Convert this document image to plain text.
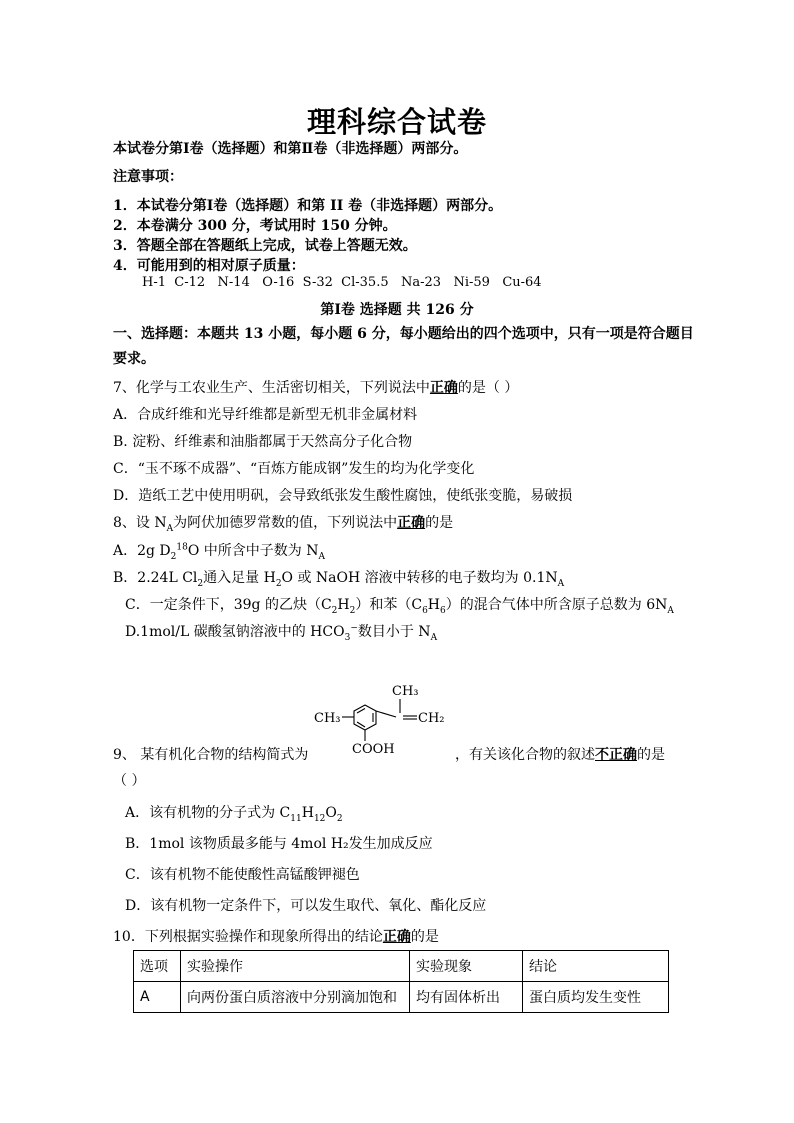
理科综合试卷
本试卷分第Ⅰ卷（选择题）和第Ⅱ卷（非选择题）两部分。
注意事项：
1．本试卷分第Ⅰ卷（选择题）和第 II 卷（非选择题）两部分。
2．本卷满分 300 分，考试用时 150 分钟。
3．答题全部在答题纸上完成，试卷上答题无效。
4．可能用到的相对原子质量：
H-1  C-12   N-14   O-16  S-32  Cl-35.5   Na-23   Ni-59   Cu-64
第Ⅰ卷 选择题 共 126 分
一、选择题：本题共 13 小题，每小题 6 分，每小题给出的四个选项中，只有一项是符合题目
要求。
7、化学与工农业生产、生活密切相关，下列说法中正确的是（ ）
A．合成纤维和光导纤维都是新型无机非金属材料
B. 淀粉、纤维素和油脂都属于天然高分子化合物
C．“玉不琢不成器”、“百炼方能成钢”发生的均为化学变化
D．造纸工艺中使用明矾，会导致纸张发生酸性腐蚀，使纸张变脆，易破损
8、设 $N_A$为阿伏加德罗常数的值，下列说法中正确的是
A．2g $D_2^{18}O$ 中所含中子数为 $N_A$
B．2.24L $Cl_2$通入足量 $H_2O$ 或 NaOH 溶液中转移的电子数均为 $0.1N_A$
C．一定条件下，39g 的乙炔$(C_2H_2)$和苯$(C_6H_6)$的混合气体中所含原子总数为 $6N_A$
D.1mol/L 碳酸氢钠溶液中的 $HCO_3^-$数目小于 $N_A$
CH₃
CH₃	CH₂
COOH
9、 某有机化合物的结构简式为	，有关该化合物的叙述不正确的是
（ ）
A．该有机物的分子式为 $C_{11}H_{12}O_2$
B．1mol 该物质最多能与 4mol H₂发生加成反应
C．该有机物不能使酸性高锰酸钾褪色
D．该有机物一定条件下，可以发生取代、氧化、酯化反应
10．下列根据实验操作和现象所得出的结论正确的是
选项	实验操作	实验现象	结论
A	向两份蛋白质溶液中分别滴加饱和	均有固体析出	蛋白质均发生变性
